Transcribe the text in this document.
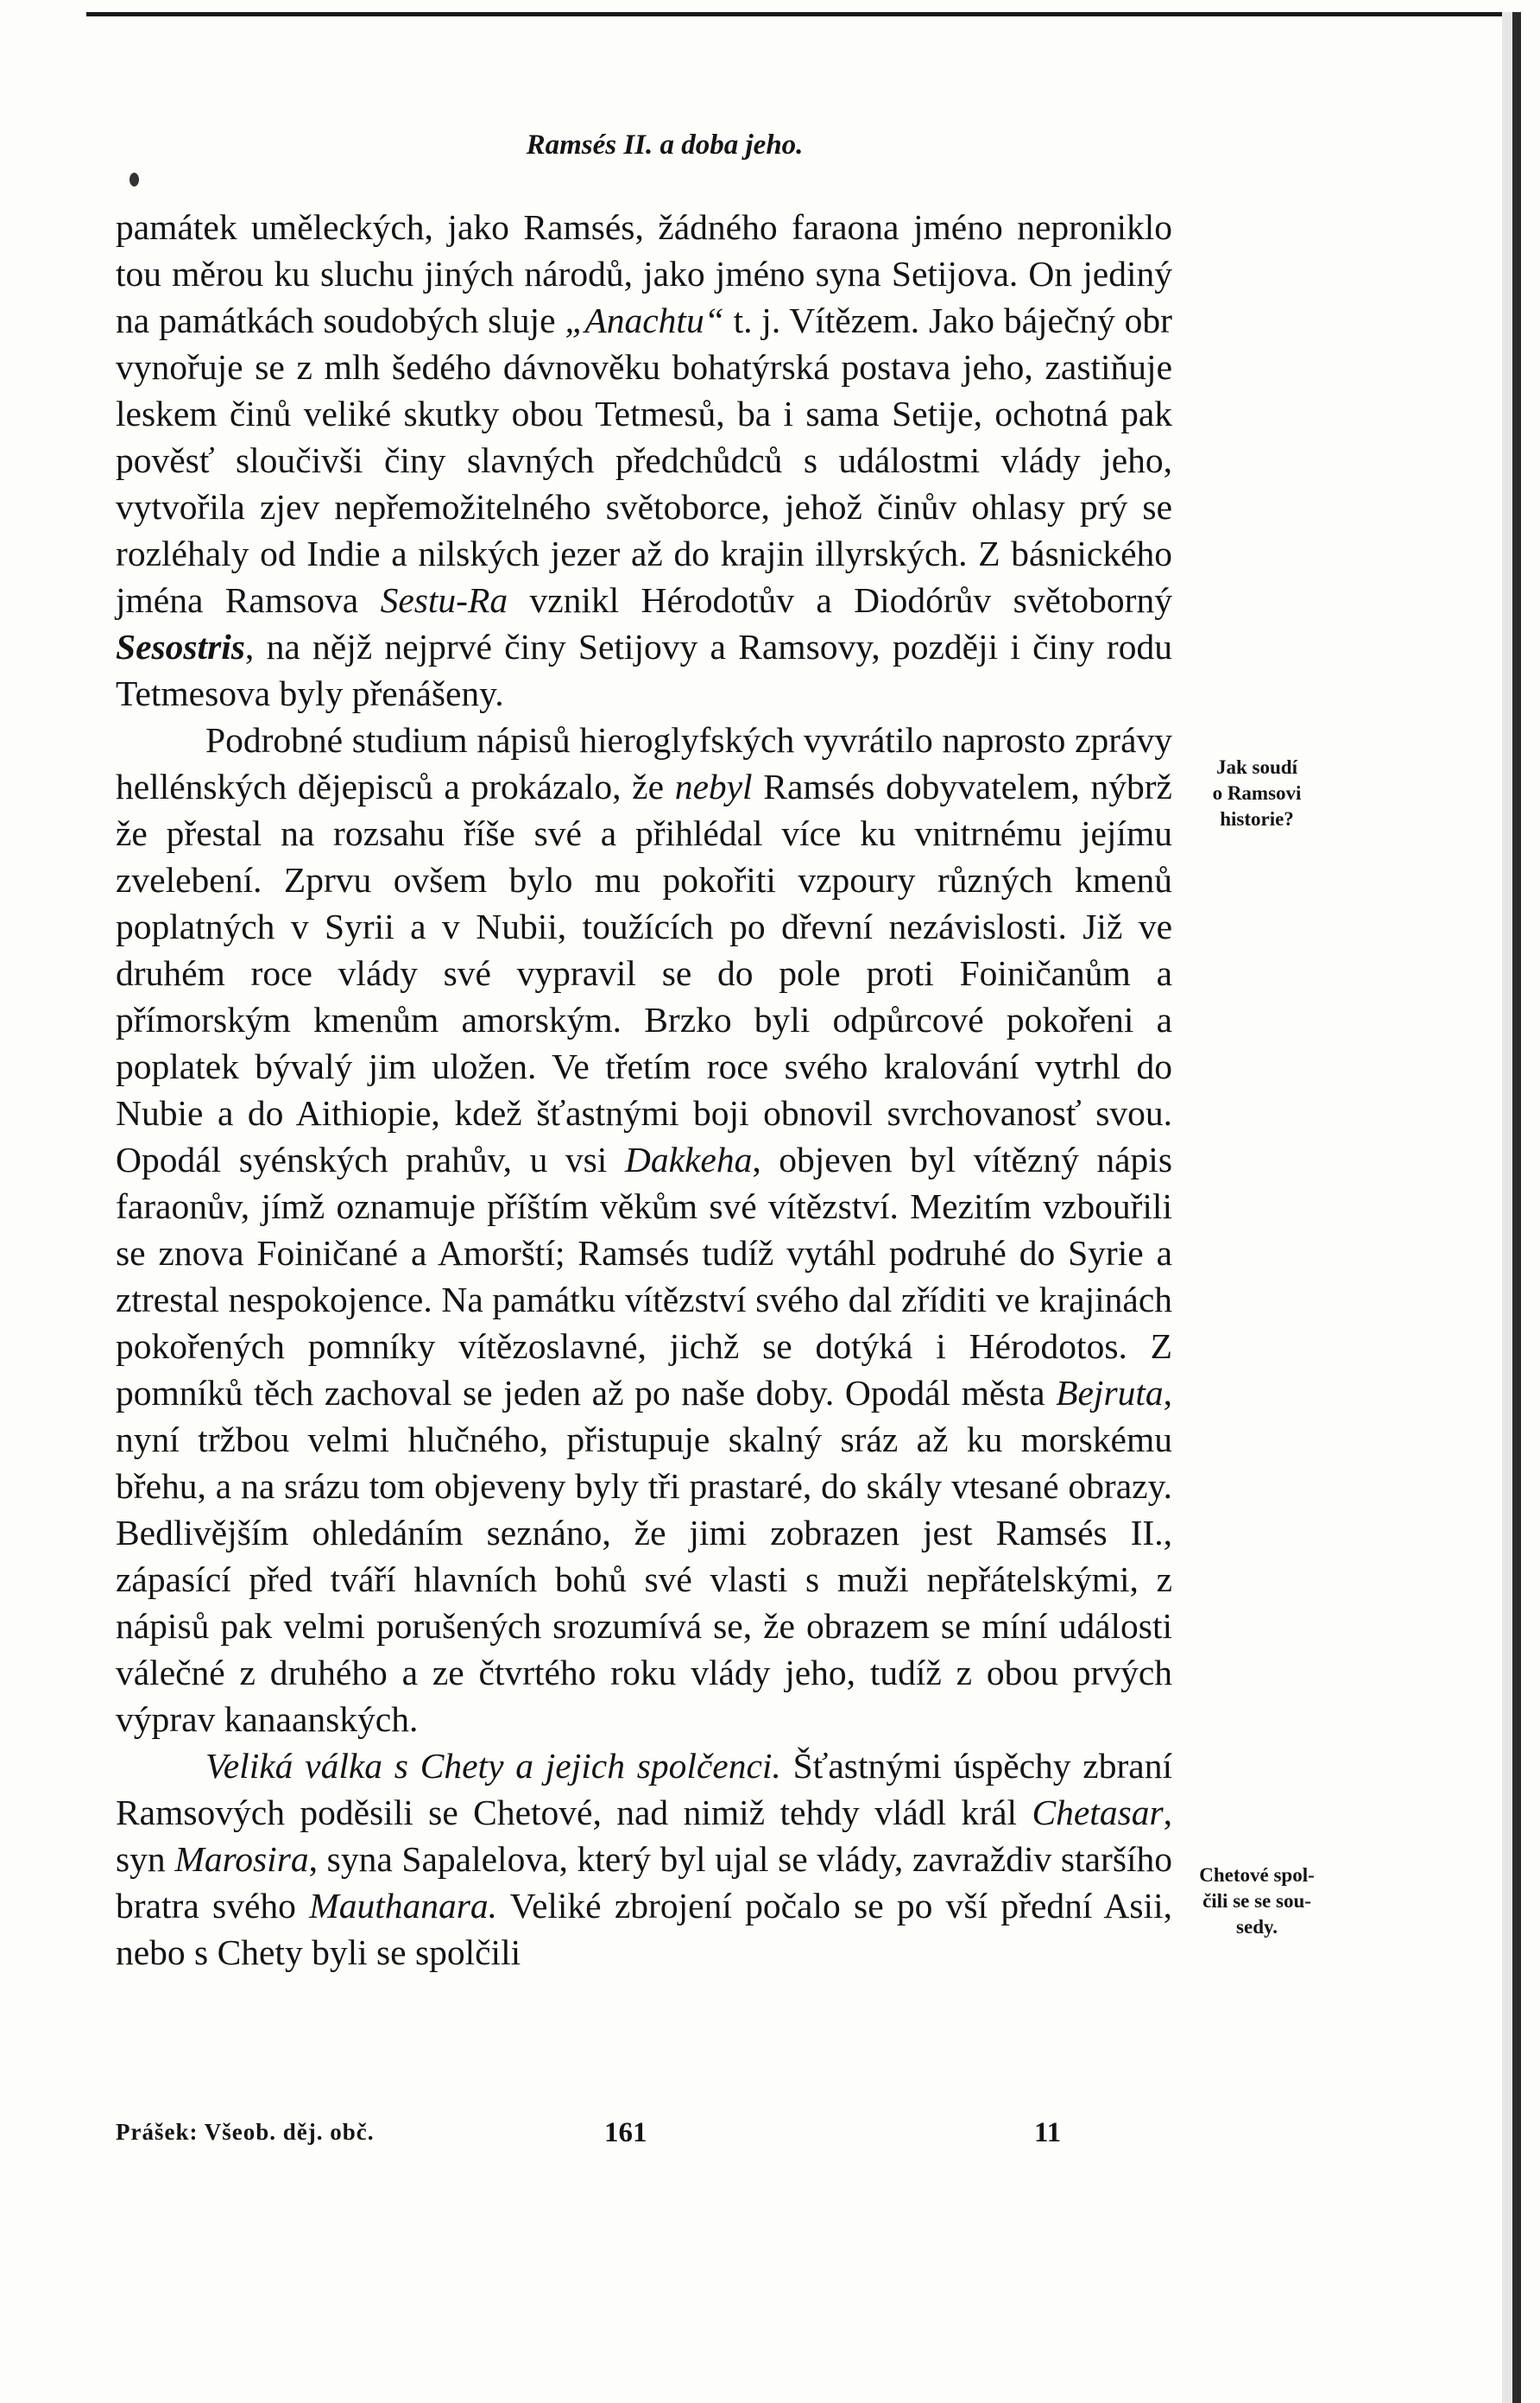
Ramsés II. a doba jeho.

památek uměleckých, jako Ramsés, žádného faraona jméno neproniklo tou měrou ku sluchu jiných národů, jako jméno syna Setijova. On jediný na památkách soudobých sluje „Anachtu“ t. j. Vítězem. Jako báječný obr vynořuje se z mlh šedého dávnověku bohatýrská postava jeho, zastiňuje leskem činů veliké skutky obou Tetmesů, ba i sama Setije, ochotná pak pověsť sloučivši činy slavných předchůdců s událostmi vlády jeho, vytvořila zjev nepřemožitelného světoborce, jehož činův ohlasy prý se rozléhaly od Indie a nilských jezer až do krajin illyrských. Z básnického jména Ramsova Sestu-Ra vznikl Hérodotův a Diodórův světoborný Sesostris, na nějž nejprvé činy Setijovy a Ramsovy, později i činy rodu Tetmesova byly přenášeny.

Podrobné studium nápisů hieroglyfských vyvrátilo naprosto zprávy hellénských dějepisců a prokázalo, že nebyl Ramsés dobyvatelem, nýbrž že přestal na rozsahu říše své a přihlédal více ku vnitrnému jejímu zvelebení. Zprvu ovšem bylo mu pokořiti vzpoury různých kmenů poplatných v Syrii a v Nubii, toužících po dřevní nezávislosti. Již ve druhém roce vlády své vypravil se do pole proti Foiničanům a přímorským kmenům amorským. Brzko byli odpůrcové pokořeni a poplatek bývalý jim uložen. Ve třetím roce svého kralování vytrhl do Nubie a do Aithiopie, kdež šťastnými boji obnovil svrchovanosť svou. Opodál syénských prahův, u vsi Dakkeha, objeven byl vítězný nápis faraonův, jímž oznamuje příštím věkům své vítězství. Mezitím vzbouřili se znova Foiničané a Amorští; Ramsés tudíž vytáhl podruhé do Syrie a ztrestal nespokojence. Na památku vítězství svého dal zříditi ve krajinách pokořených pomníky vítězoslavné, jichž se dotýká i Hérodotos. Z pomníků těch zachoval se jeden až po naše doby. Opodál města Bejruta, nyní tržbou velmi hlučného, přistupuje skalný sráz až ku morskému břehu, a na srázu tom objeveny byly tři prastaré, do skály vtesané obrazy. Bedlivějším ohledáním seznáno, že jimi zobrazen jest Ramsés II., zápasící před tváří hlavních bohů své vlasti s muži nepřátelskými, z nápisů pak velmi porušených srozumívá se, že obrazem se míní události válečné z druhého a ze čtvrtého roku vlády jeho, tudíž z obou prvých výprav kanaanských.

Veliká válka s Chety a jejich spolčenci. Šťastnými úspěchy zbraní Ramsových poděsili se Chetové, nad nimiž tehdy vládl král Chetasar, syn Marosira, syna Sapalelova, který byl ujal se vlády, zavraždiv staršího bratra svého Mauthanara. Veliké zbrojení počalo se po vší přední Asii, nebo s Chety byli se spolčili

Jak soudí
o Ramsovi
historie?
Chetové spol-
čili se se sou-
sedy.
Prášek: Všeob. děj. obč.	161	11
